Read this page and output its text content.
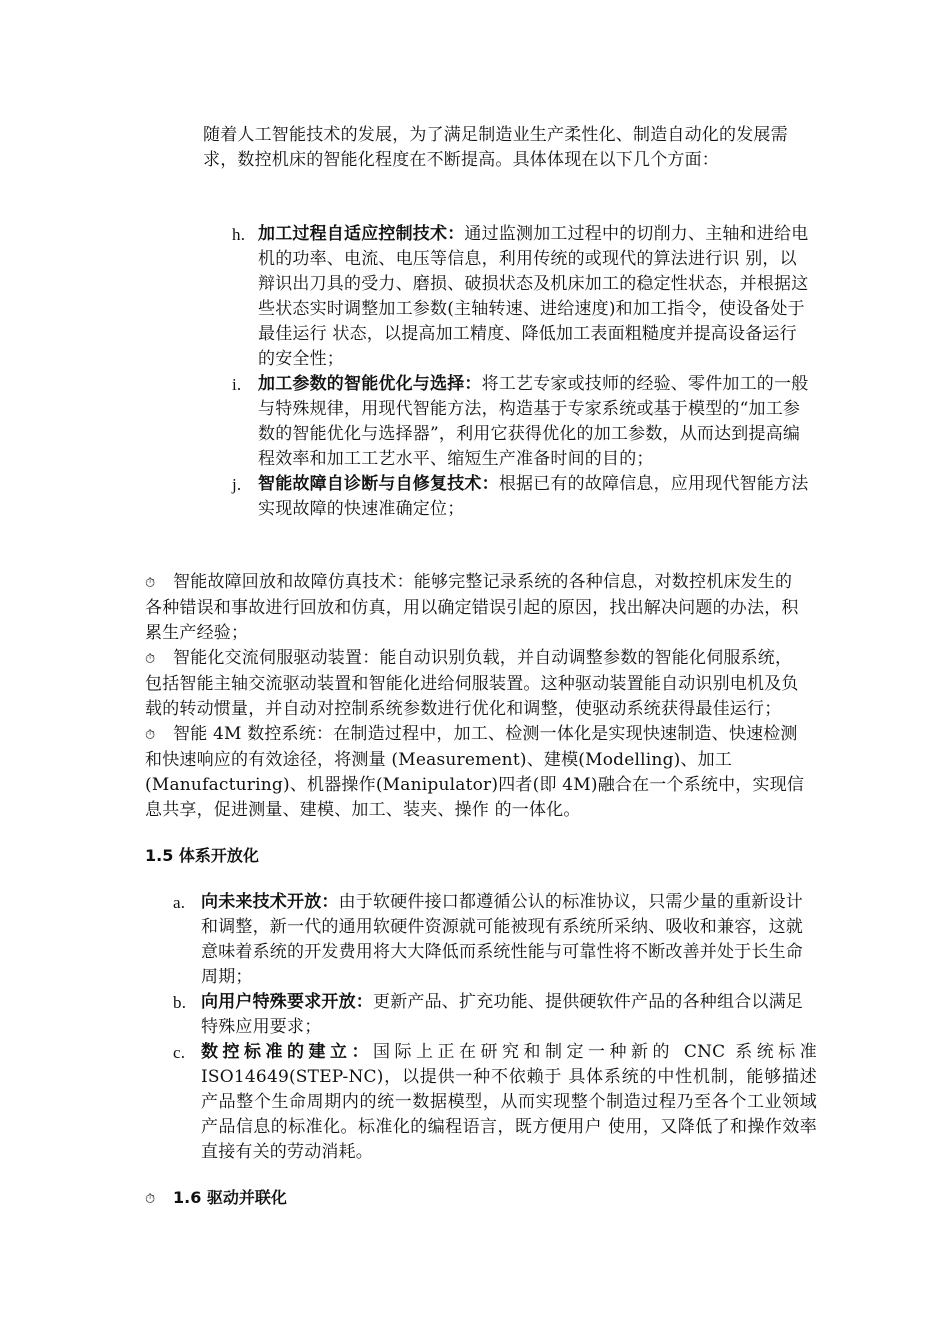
随着人工智能技术的发展，为了满足制造业生产柔性化、制造自动化的发展需求，数控机床的智能化程度在不断提高。具体体现在以下几个方面：
h. 加工过程自适应控制技术：通过监测加工过程中的切削力、主轴和进给电机的功率、电流、电压等信息，利用传统的或现代的算法进行识 别，以辩识出刀具的受力、磨损、破损状态及机床加工的稳定性状态，并根据这些状态实时调整加工参数(主轴转速、进给速度)和加工指令，使设备处于最佳运行 状态，以提高加工精度、降低加工表面粗糙度并提高设备运行的安全性；
i. 加工参数的智能优化与选择：将工艺专家或技师的经验、零件加工的一般与特殊规律，用现代智能方法，构造基于专家系统或基于模型的“加工参数的智能优化与选择器”，利用它获得优化的加工参数，从而达到提高编程效率和加工工艺水平、缩短生产准备时间的目的；
j. 智能故障自诊断与自修复技术：根据已有的故障信息，应用现代智能方法实现故障的快速准确定位；
⏱ 智能故障回放和故障仿真技术：能够完整记录系统的各种信息，对数控机床发生的各种错误和事故进行回放和仿真，用以确定错误引起的原因，找出解决问题的办法，积累生产经验；
⏱ 智能化交流伺服驱动装置：能自动识别负载，并自动调整参数的智能化伺服系统，包括智能主轴交流驱动装置和智能化进给伺服装置。这种驱动装置能自动识别电机及负载的转动惯量，并自动对控制系统参数进行优化和调整，使驱动系统获得最佳运行；
⏱ 智能 4M 数控系统：在制造过程中，加工、检测一体化是实现快速制造、快速检测和快速响应的有效途径，将测量 (Measurement)、建模(Modelling)、加工 (Manufacturing)、机器操作(Manipulator)四者(即 4M)融合在一个系统中，实现信息共享，促进测量、建模、加工、装夹、操作 的一体化。
1.5 体系开放化
a. 向未来技术开放：由于软硬件接口都遵循公认的标准协议，只需少量的重新设计和调整，新一代的通用软硬件资源就可能被现有系统所采纳、吸收和兼容，这就意味着系统的开发费用将大大降低而系统性能与可靠性将不断改善并处于长生命周期；
b. 向用户特殊要求开放：更新产品、扩充功能、提供硬软件产品的各种组合以满足特殊应用要求；
c. 数控标准的建立：国际上正在研究和制定一种新的 CNC 系统标准 ISO14649(STEP-NC)，以提供一种不依赖于 具体系统的中性机制，能够描述产品整个生命周期内的统一数据模型，从而实现整个制造过程乃至各个工业领域产品信息的标准化。标准化的编程语言，既方便用户 使用，又降低了和操作效率直接有关的劳动消耗。
⏱ 1.6 驱动并联化
